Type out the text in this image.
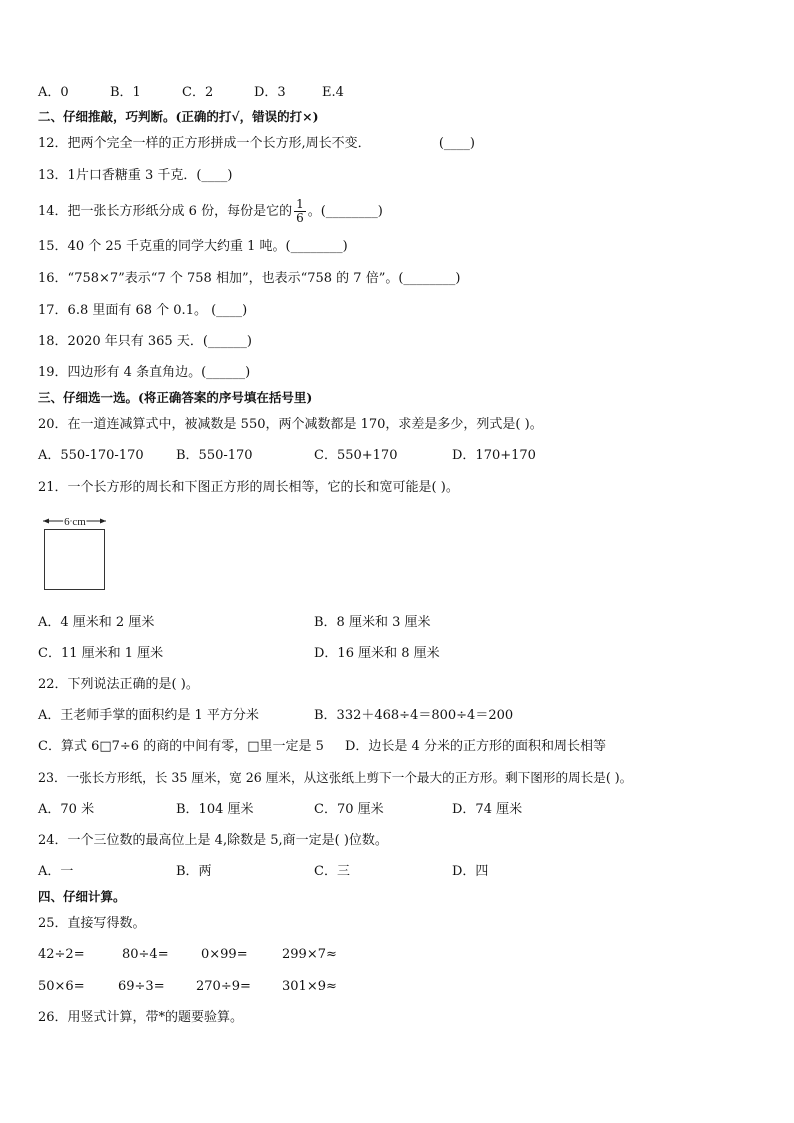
A．0	B．1	C．2	D．3	E.4
二、仔细推敲，巧判断。(正确的打√，错误的打×)
12．把两个完全一样的正方形拼成一个长方形,周长不变．	(____)
13．1片口香糖重 3 千克．(____)
14．把一张长方形纸分成 6 份，每份是它的 $\frac{1}{6}$ 。(________)
15．40 个 25 千克重的同学大约重 1 吨。(________)
16．“758×7”表示“7 个 758 相加”，也表示“758 的 7 倍”。(________)
17．6.8 里面有 68 个 0.1。 (____)
18．2020 年只有 365 天．(______)
19．四边形有 4 条直角边。(______)
三、仔细选一选。(将正确答案的序号填在括号里)
20．在一道连减算式中，被减数是 550，两个减数都是 170，求差是多少，列式是( )。
A．550-170-170 B．550-170	C．550+170	D．170+170
21．一个长方形的周长和下图正方形的周长相等，它的长和宽可能是( )。
6 cm
A．4 厘米和 2 厘米	B．8 厘米和 3 厘米
C．11 厘米和 1 厘米	D．16 厘米和 8 厘米
22．下列说法正确的是( )。
A．王老师手掌的面积约是 1 平方分米	B．332＋468÷4＝800÷4＝200
C．算式 6□7÷6 的商的中间有零，□里一定是 5 D．边长是 4 分米的正方形的面积和周长相等
23．一张长方形纸，长 35 厘米，宽 26 厘米，从这张纸上剪下一个最大的正方形。剩下图形的周长是( )。
A．70 米	B．104 厘米	C．70 厘米	D．74 厘米
24．一个三位数的最高位上是 4,除数是 5,商一定是( )位数。
A．一	B．两	C．三	D．四
四、仔细计算。
25．直接写得数。
42÷2=	80÷4= 0×99=	299×7≈
50×6=	69÷3= 270÷9= 301×9≈
26．用竖式计算，带*的题要验算。
